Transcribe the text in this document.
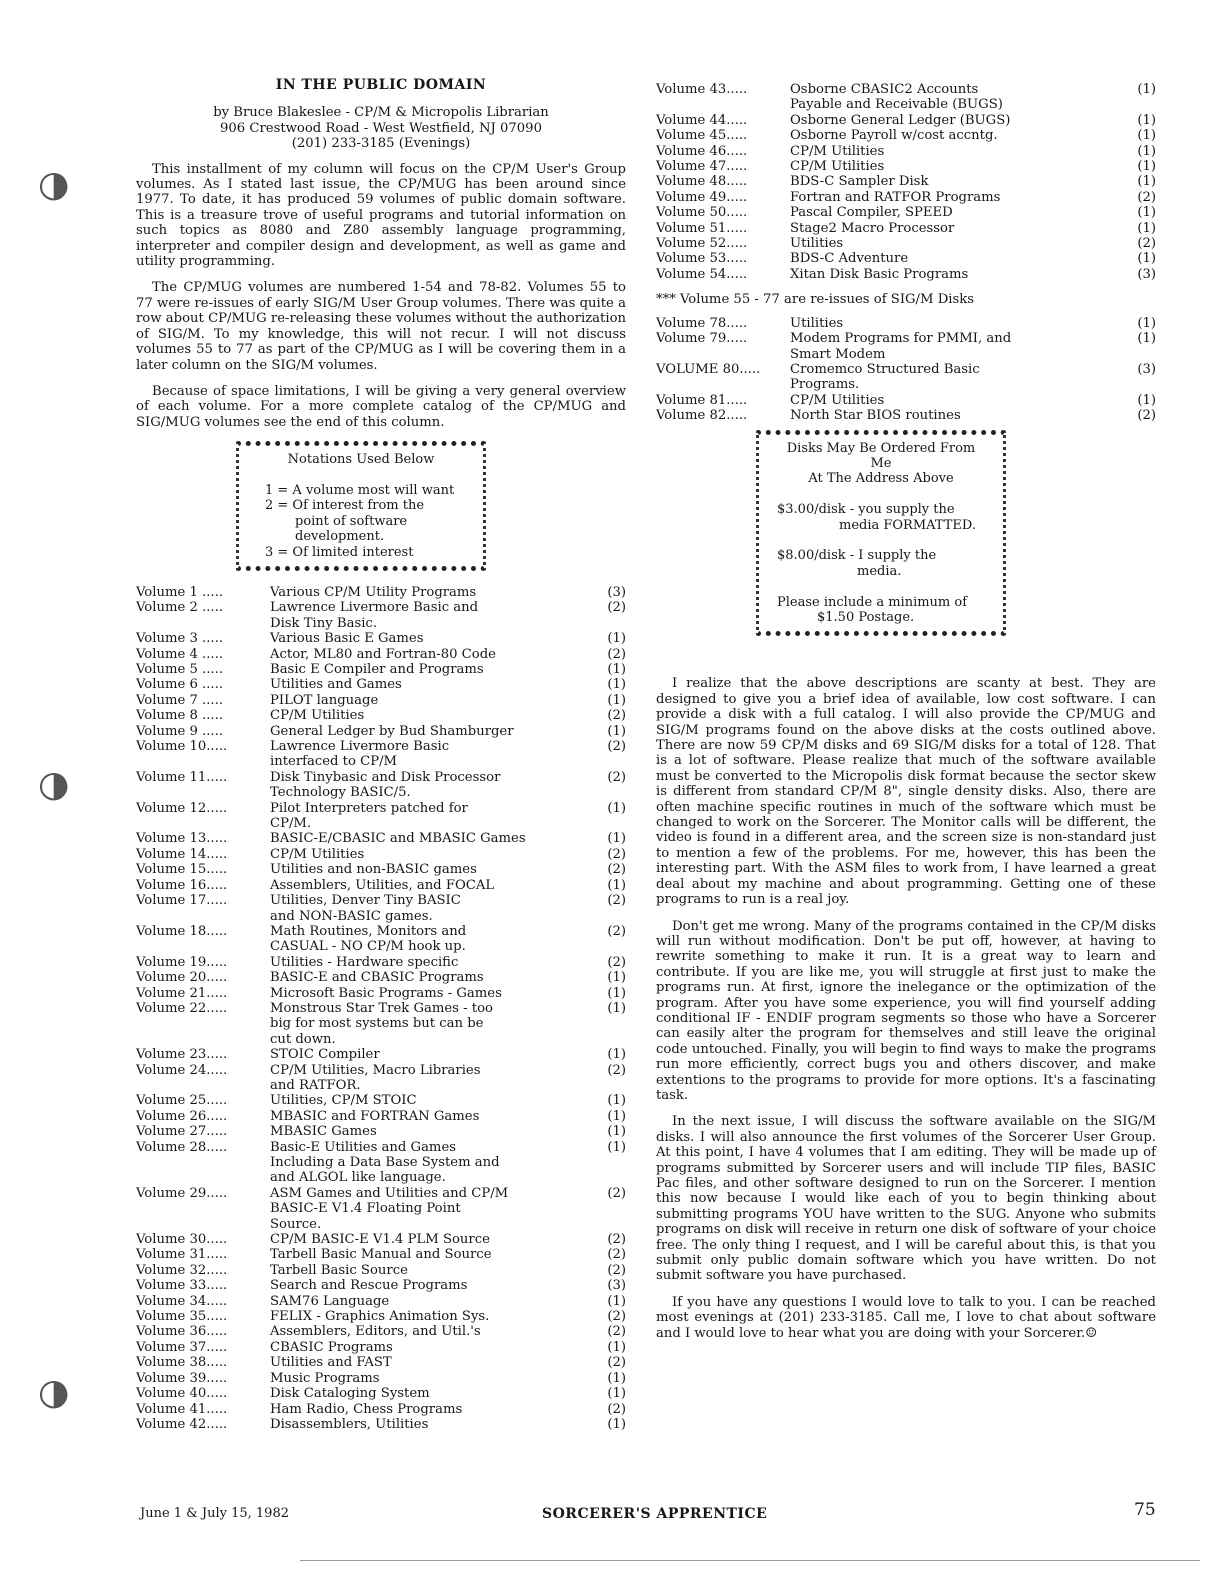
◑
◑
◑
IN THE PUBLIC DOMAIN
by Bruce Blakeslee - CP/M & Micropolis Librarian
906 Crestwood Road - West Westfield, NJ 07090
(201) 233-3185 (Evenings)

This installment of my column will focus on the CP/M User's Group volumes. As I stated last issue, the CP/MUG has been around since 1977. To date, it has produced 59 volumes of public domain software. This is a treasure trove of useful programs and tutorial information on such topics as 8080 and Z80 assembly language programming, interpreter and compiler design and development, as well as game and utility programming.

The CP/MUG volumes are numbered 1-54 and 78-82. Volumes 55 to 77 were re-issues of early SIG/M User Group volumes. There was quite a row about CP/MUG re-releasing these volumes without the authorization of SIG/M. To my knowledge, this will not recur. I will not discuss volumes 55 to 77 as part of the CP/MUG as I will be covering them in a later column on the SIG/M volumes.

Because of space limitations, I will be giving a very general overview of each volume. For a more complete catalog of the CP/MUG and SIG/MUG volumes see the end of this column.

Notations Used Below

1 = A volume most will want
2 = Of interest from the
point of software
development.
3 = Of limited interest
Volume 1 .....	Various CP/M Utility Programs	(3)
Volume 2 .....	Lawrence Livermore Basic and
Disk Tiny Basic.
(2)
Volume 3 .....	Various Basic E Games	(1)
Volume 4 .....	Actor, ML80 and Fortran-80 Code	(2)
Volume 5 .....	Basic E Compiler and Programs	(1)
Volume 6 .....	Utilities and Games	(1)
Volume 7 .....	PILOT language	(1)
Volume 8 .....	CP/M Utilities	(2)
Volume 9 .....	General Ledger by Bud Shamburger	(1)
Volume 10.....	Lawrence Livermore Basic
interfaced to CP/M
(2)
Volume 11.....	Disk Tinybasic and Disk Processor
Technology BASIC/5.
(2)
Volume 12.....	Pilot Interpreters patched for
CP/M.
(1)
Volume 13.....	BASIC-E/CBASIC and MBASIC Games	(1)
Volume 14.....	CP/M Utilities	(2)
Volume 15.....	Utilities and non-BASIC games	(2)
Volume 16.....	Assemblers, Utilities, and FOCAL	(1)
Volume 17.....	Utilities, Denver Tiny BASIC
and NON-BASIC games.
(2)
Volume 18.....	Math Routines, Monitors and
CASUAL - NO CP/M hook up.
(2)
Volume 19.....	Utilities - Hardware specific	(2)
Volume 20.....	BASIC-E and CBASIC Programs	(1)
Volume 21.....	Microsoft Basic Programs - Games	(1)
Volume 22.....	Monstrous Star Trek Games - too
big for most systems but can be
cut down.
(1)
Volume 23.....	STOIC Compiler	(1)
Volume 24.....	CP/M Utilities, Macro Libraries
and RATFOR.
(2)
Volume 25.....	Utilities, CP/M STOIC	(1)
Volume 26.....	MBASIC and FORTRAN Games	(1)
Volume 27.....	MBASIC Games	(1)
Volume 28.....	Basic-E Utilities and Games
Including a Data Base System and
and ALGOL like language.
(1)
Volume 29.....	ASM Games and Utilities and CP/M
BASIC-E V1.4 Floating Point
Source.
(2)
Volume 30.....	CP/M BASIC-E V1.4 PLM Source	(2)
Volume 31.....	Tarbell Basic Manual and Source	(2)
Volume 32.....	Tarbell Basic Source	(2)
Volume 33.....	Search and Rescue Programs	(3)
Volume 34.....	SAM76 Language	(1)
Volume 35.....	FELIX - Graphics Animation Sys.	(2)
Volume 36.....	Assemblers, Editors, and Util.'s	(2)
Volume 37.....	CBASIC Programs	(1)
Volume 38.....	Utilities and FAST	(2)
Volume 39.....	Music Programs	(1)
Volume 40.....	Disk Cataloging System	(1)
Volume 41.....	Ham Radio, Chess Programs	(2)
Volume 42.....	Disassemblers, Utilities	(1)
Volume 43.....	Osborne CBASIC2 Accounts
Payable and Receivable (BUGS)
(1)
Volume 44.....	Osborne General Ledger (BUGS)	(1)
Volume 45.....	Osborne Payroll w/cost accntg.	(1)
Volume 46.....	CP/M Utilities	(1)
Volume 47.....	CP/M Utilities	(1)
Volume 48.....	BDS-C Sampler Disk	(1)
Volume 49.....	Fortran and RATFOR Programs	(2)
Volume 50.....	Pascal Compiler, SPEED	(1)
Volume 51.....	Stage2 Macro Processor	(1)
Volume 52.....	Utilities	(2)
Volume 53.....	BDS-C Adventure	(1)
Volume 54.....	Xitan Disk Basic Programs	(3)
*** Volume 55 - 77 are re-issues of SIG/M Disks
Volume 78.....	Utilities	(1)
Volume 79.....	Modem Programs for PMMI, and
Smart Modem
(1)
VOLUME 80.....	Cromemco Structured Basic
Programs.
(3)
Volume 81.....	CP/M Utilities	(1)
Volume 82.....	North Star BIOS routines	(2)
Disks May Be Ordered From Me
At The Address Above

$3.00/disk - you supply the
media FORMATTED.

$8.00/disk - I supply the
media.

Please include a minimum of
$1.50 Postage.

I realize that the above descriptions are scanty at best. They are designed to give you a brief idea of available, low cost software. I can provide a disk with a full catalog. I will also provide the CP/MUG and SIG/M programs found on the above disks at the costs outlined above. There are now 59 CP/M disks and 69 SIG/M disks for a total of 128. That is a lot of software. Please realize that much of the software available must be converted to the Micropolis disk format because the sector skew is different from standard CP/M 8", single density disks. Also, there are often machine specific routines in much of the software which must be changed to work on the Sorcerer. The Monitor calls will be different, the video is found in a different area, and the screen size is non-standard just to mention a few of the problems. For me, however, this has been the interesting part. With the ASM files to work from, I have learned a great deal about my machine and about programming. Getting one of these programs to run is a real joy.

Don't get me wrong. Many of the programs contained in the CP/M disks will run without modification. Don't be put off, however, at having to rewrite something to make it run. It is a great way to learn and contribute. If you are like me, you will struggle at first just to make the programs run. At first, ignore the inelegance or the optimization of the program. After you have some experience, you will find yourself adding conditional IF - ENDIF program segments so those who have a Sorcerer can easily alter the program for themselves and still leave the original code untouched. Finally, you will begin to find ways to make the programs run more efficiently, correct bugs you and others discover, and make extentions to the programs to provide for more options. It's a fascinating task.

In the next issue, I will discuss the software available on the SIG/M disks. I will also announce the first volumes of the Sorcerer User Group. At this point, I have 4 volumes that I am editing. They will be made up of programs submitted by Sorcerer users and will include TIP files, BASIC Pac files, and other software designed to run on the Sorcerer. I mention this now because I would like each of you to begin thinking about submitting programs YOU have written to the SUG. Anyone who submits programs on disk will receive in return one disk of software of your choice free. The only thing I request, and I will be careful about this, is that you submit only public domain software which you have written. Do not submit software you have purchased.

If you have any questions I would love to talk to you. I can be reached most evenings at (201) 233-3185. Call me, I love to chat about software and I would love to hear what you are doing with your Sorcerer.☺

June 1 & July 15, 1982	SORCERER'S APPRENTICE	75
